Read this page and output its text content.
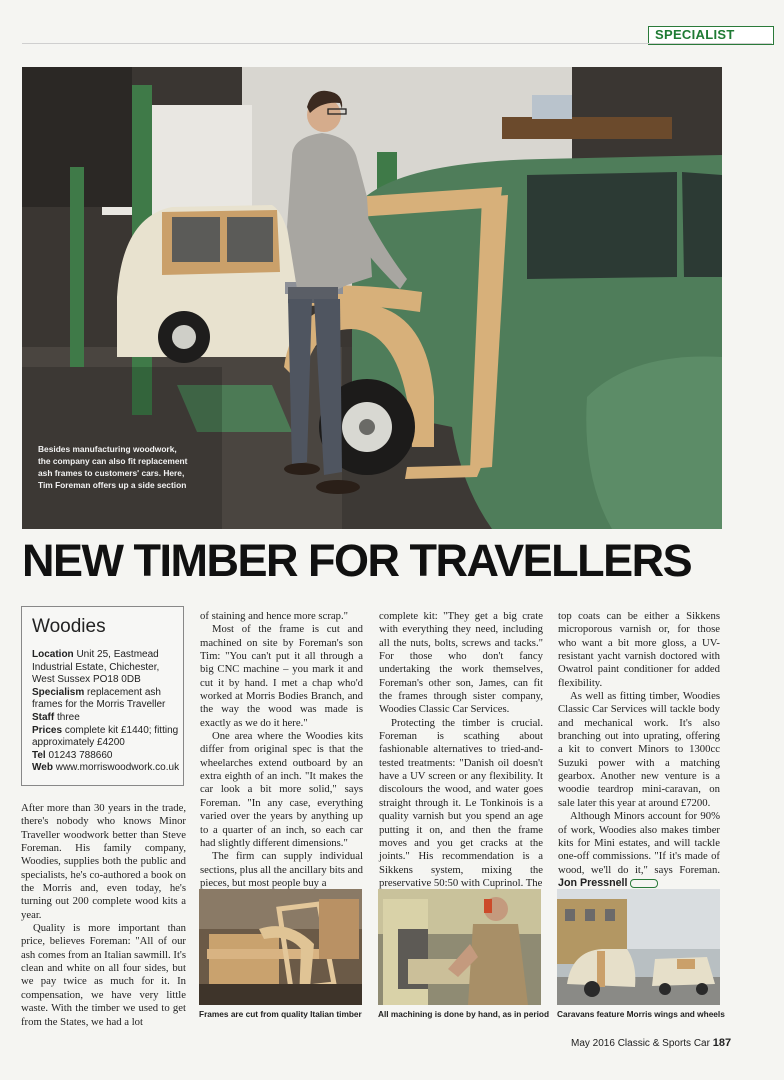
SPECIALIST
Besides manufacturing woodwork, the company can also fit replacement ash frames to customers' cars. Here, Tim Foreman offers up a side section
NEW TIMBER FOR TRAVELLERS
Woodies
Location Unit 25, Eastmead Industrial Estate, Chichester, West Sussex PO18 0DB
Specialism replacement ash frames for the Morris Traveller
Staff three
Prices complete kit £1440; fitting approximately £4200
Tel 01243 788660
Web www.morriswoodwork.co.uk

After more than 30 years in the trade, there's nobody who knows Minor Traveller woodwork better than Steve Foreman. His family company, Woodies, supplies both the public and specialists, he's co-authored a book on the Morris and, even today, he's turning out 200 complete wood kits a year.

Quality is more important than price, believes Foreman: "All of our ash comes from an Italian sawmill. It's clean and white on all four sides, but we pay twice as much for it. In compensation, we have very little waste. With the timber we used to get from the States, we had a lot

of staining and hence more scrap."

Most of the frame is cut and machined on site by Foreman's son Tim: "You can't put it all through a big CNC machine – you mark it and cut it by hand. I met a chap who'd worked at Morris Bodies Branch, and the way the wood was made is exactly as we do it here."

One area where the Woodies kits differ from original spec is that the wheelarches extend outboard by an extra eighth of an inch. "It makes the car look a bit more solid," says Foreman. "In any case, everything varied over the years by anything up to a quarter of an inch, so each car had slightly different dimensions."

The firm can supply individual sections, plus all the ancillary bits and pieces, but most people buy a

complete kit: "They get a big crate with everything they need, including all the nuts, bolts, screws and tacks." For those who don't fancy undertaking the work themselves, Foreman's other son, James, can fit the frames through sister company, Woodies Classic Car Services.

Protecting the timber is crucial. Foreman is scathing about fashionable alternatives to tried-and-tested treatments: "Danish oil doesn't have a UV screen or any flexibility. It discolours the wood, and water goes straight through it. Le Tonkinois is a quality varnish but you spend an age putting it on, and then the frame moves and you get cracks at the joints." His recommendation is a Sikkens system, mixing the preservative 50:50 with Cuprinol. The

top coats can be either a Sikkens microporous varnish or, for those who want a bit more gloss, a UV-resistant yacht varnish doctored with Owatrol paint conditioner for added flexibility.

As well as fitting timber, Woodies Classic Car Services will tackle body and mechanical work. It's also branching out into uprating, offering a kit to convert Minors to 1300cc Suzuki power with a matching gearbox. Another new venture is a woodie teardrop mini-caravan, on sale later this year at around £7200.

Although Minors account for 90% of work, Woodies also makes timber kits for Mini estates, and will tackle one-off commissions. "If it's made of wood, we'll do it," says Foreman. Jon Pressnell

Frames are cut from quality Italian timber All machining is done by hand, as in period Caravans feature Morris wings and wheels
May 2016 Classic & Sports Car 187
